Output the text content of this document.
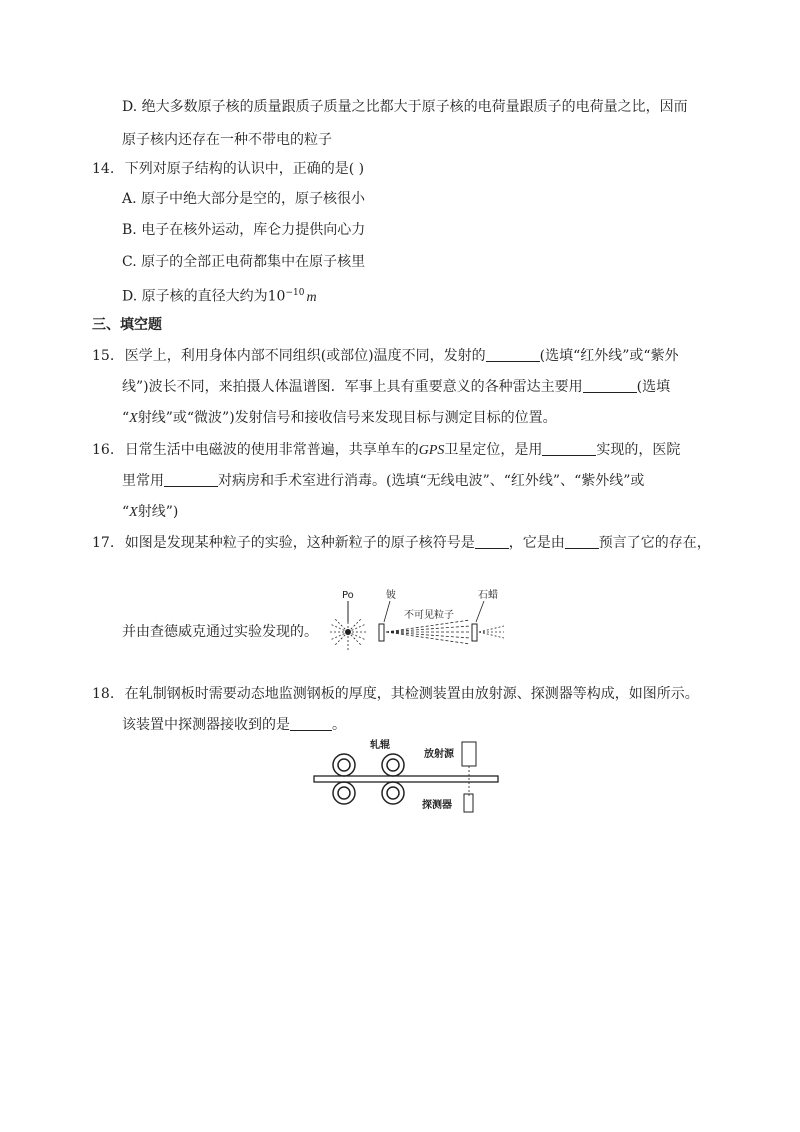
D. 绝大多数原子核的质量跟质子质量之比都大于原子核的电荷量跟质子的电荷量之比，因而
原子核内还存在一种不带电的粒子
14. 下列对原子结构的认识中，正确的是( )
A. 原子中绝大部分是空的，原子核很小
B. 电子在核外运动，库仑力提供向心力
C. 原子的全部正电荷都集中在原子核里
D. 原子核的直径大约为$10^{-10}$ m
三、填空题
15. 医学上，利用身体内部不同组织(或部位)温度不同，发射的	(选填“红外线”或“紫外
线”)波长不同，来拍摄人体温谱图．军事上具有重要意义的各种雷达主要用	(选填
“X射线”或“微波”)发射信号和接收信号来发现目标与测定目标的位置。
16. 日常生活中电磁波的使用非常普遍，共享单车的GPS卫星定位，是用	实现的，医院
里常用	对病房和手术室进行消毒。(选填“无线电波”、“红外线”、“紫外线”或
“X射线”)
17. 如图是发现某种粒子的实验，这种新粒子的原子核符号是 ，它是由 预言了它的存在，
并由查德威克通过实验发现的。
Po	铍
不可见粒子
石蜡
18. 在轧制钢板时需要动态地监测钢板的厚度，其检测装置由放射源、探测器等构成，如图所示。
该装置中探测器接收到的是	。
轧辊
放射源
探测器
